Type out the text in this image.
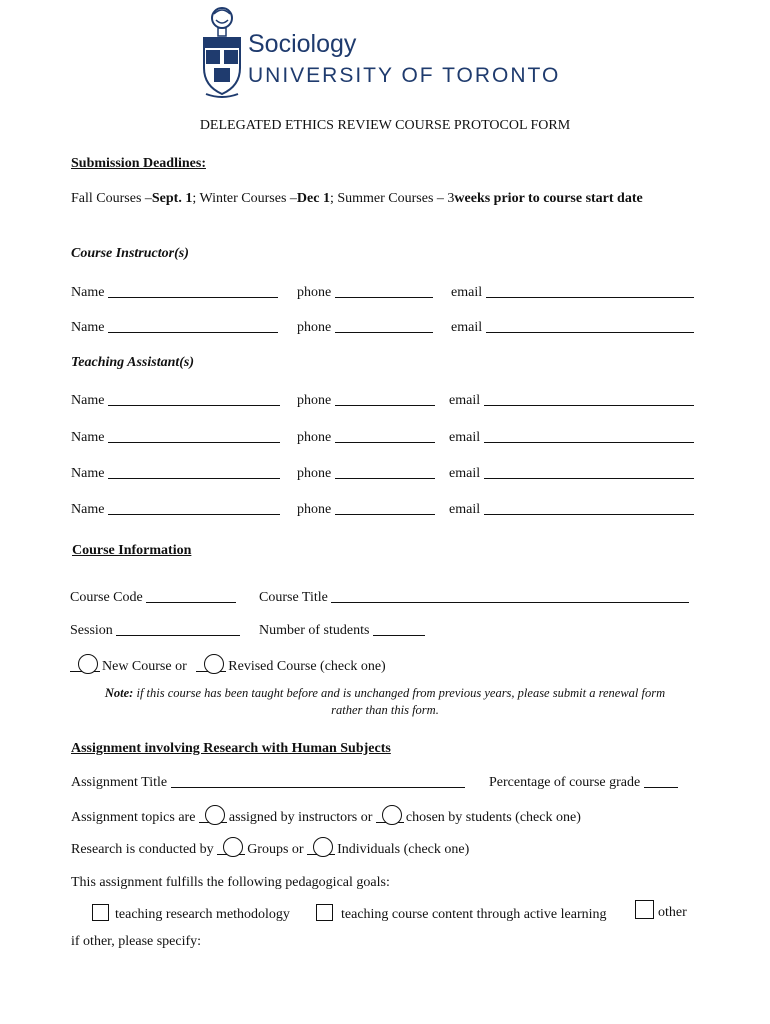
Sociology
UNIVERSITY OF TORONTO
DELEGATED ETHICS REVIEW COURSE PROTOCOL FORM
Submission Deadlines:
Fall Courses –Sept. 1; Winter Courses –Dec 1; Summer Courses – 3weeks prior to course start date
Course Instructor(s)
Name	phone	email
Name	phone	email
Teaching Assistant(s)
Name	phone	email
Name	phone	email
Name	phone	email
Name	phone	email
Course Information
Course Code	Course Title
Session	Number of students
New Course or	Revised Course (check one)
Note: if this course has been taught before and is unchanged from previous years, please submit a renewal form
rather than this form.
Assignment involving Research with Human Subjects
Assignment Title	Percentage of course grade
Assignment topics are assigned by instructors or chosen by students (check one)
Research is conducted by Groups or Individuals (check one)
This assignment fulfills the following pedagogical goals:
teaching research methodology	teaching course content through active learning	other
if other, please specify:
